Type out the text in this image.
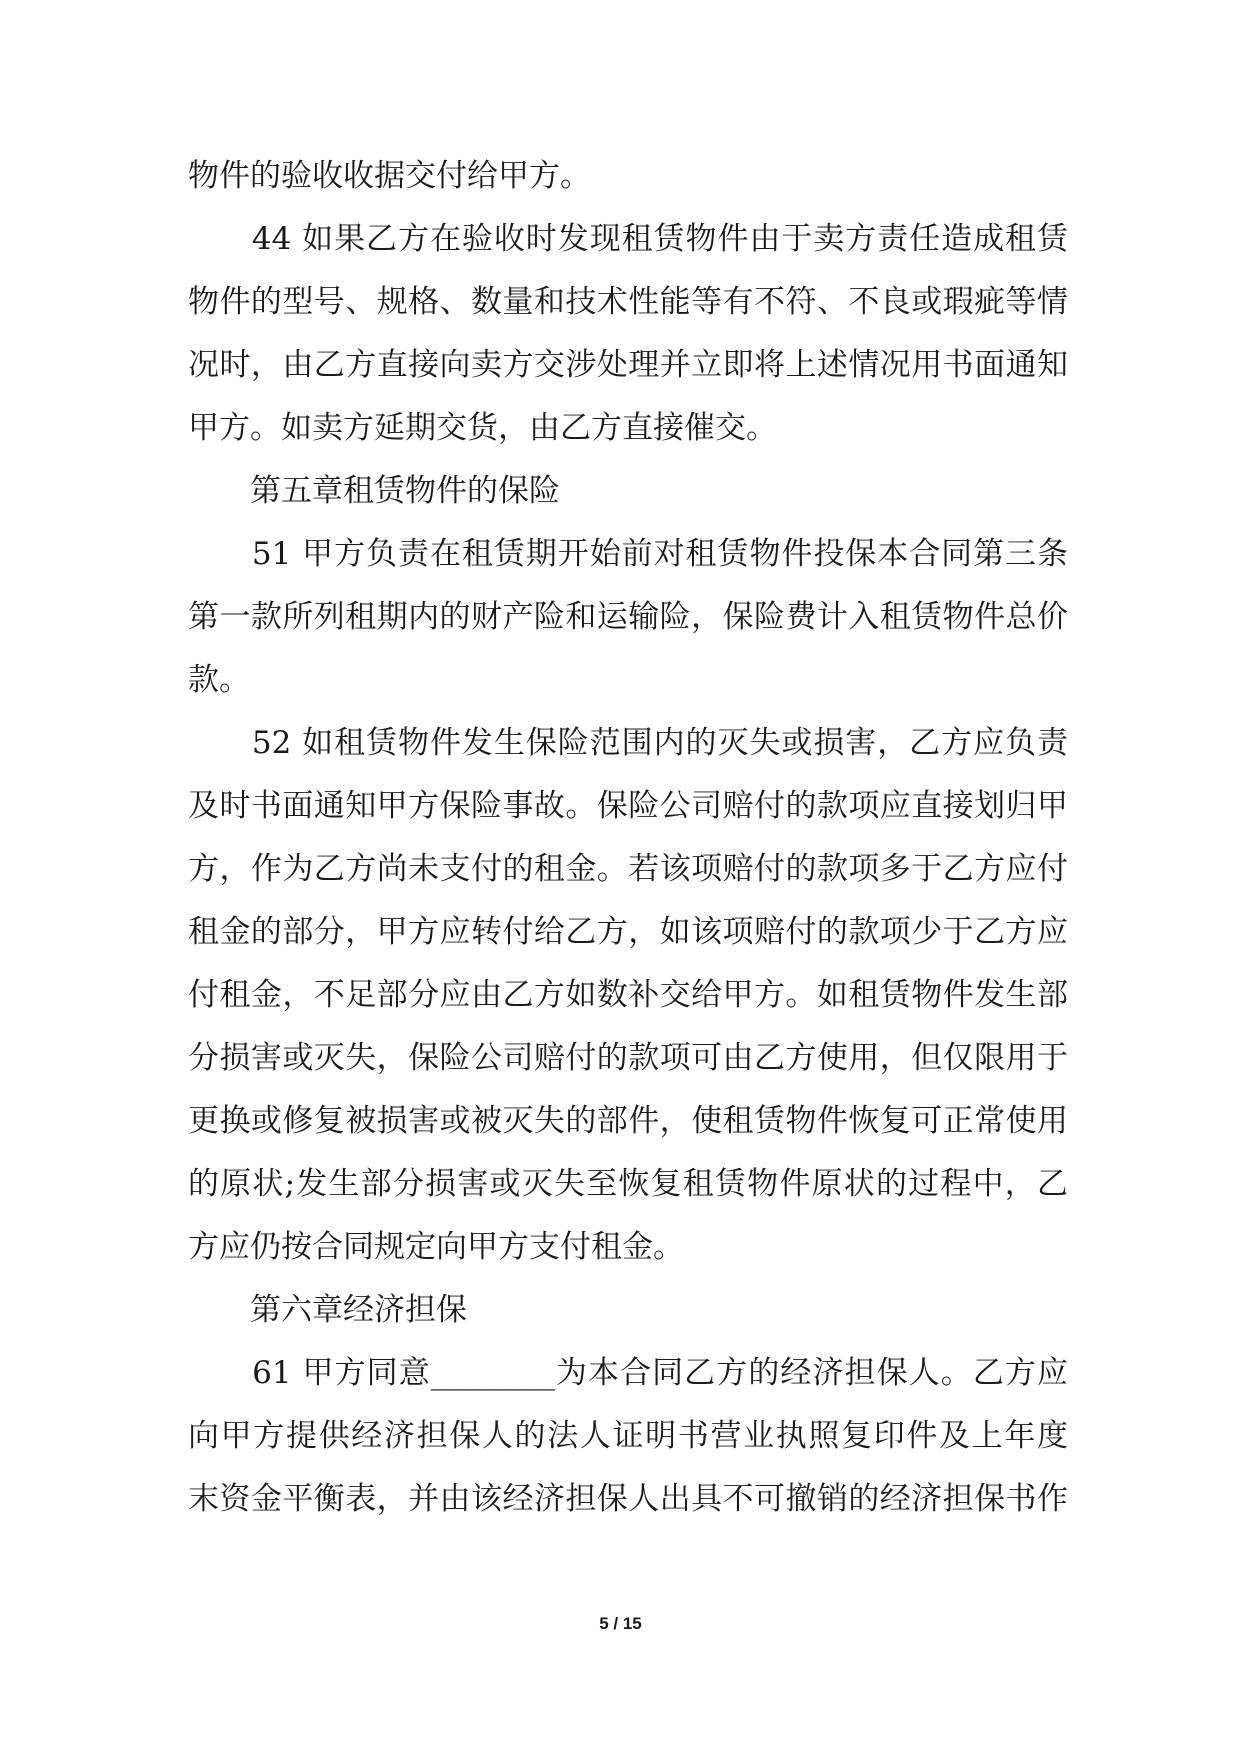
物件的验收收据交付给甲方。
　　44 如果乙方在验收时发现租赁物件由于卖方责任造成租赁
物件的型号、规格、数量和技术性能等有不符、不良或瑕疵等情
况时，由乙方直接向卖方交涉处理并立即将上述情况用书面通知
甲方。如卖方延期交货，由乙方直接催交。
　　第五章租赁物件的保险
　　51 甲方负责在租赁期开始前对租赁物件投保本合同第三条
第一款所列租期内的财产险和运输险，保险费计入租赁物件总价
款。
　　52 如租赁物件发生保险范围内的灭失或损害，乙方应负责
及时书面通知甲方保险事故。保险公司赔付的款项应直接划归甲
方，作为乙方尚未支付的租金。若该项赔付的款项多于乙方应付
租金的部分，甲方应转付给乙方，如该项赔付的款项少于乙方应
付租金，不足部分应由乙方如数补交给甲方。如租赁物件发生部
分损害或灭失，保险公司赔付的款项可由乙方使用，但仅限用于
更换或修复被损害或被灭失的部件，使租赁物件恢复可正常使用
的原状;发生部分损害或灭失至恢复租赁物件原状的过程中，乙
方应仍按合同规定向甲方支付租金。
　　第六章经济担保
　　61 甲方同意________为本合同乙方的经济担保人。乙方应
向甲方提供经济担保人的法人证明书营业执照复印件及上年度
末资金平衡表，并由该经济担保人出具不可撤销的经济担保书作
5 / 15
